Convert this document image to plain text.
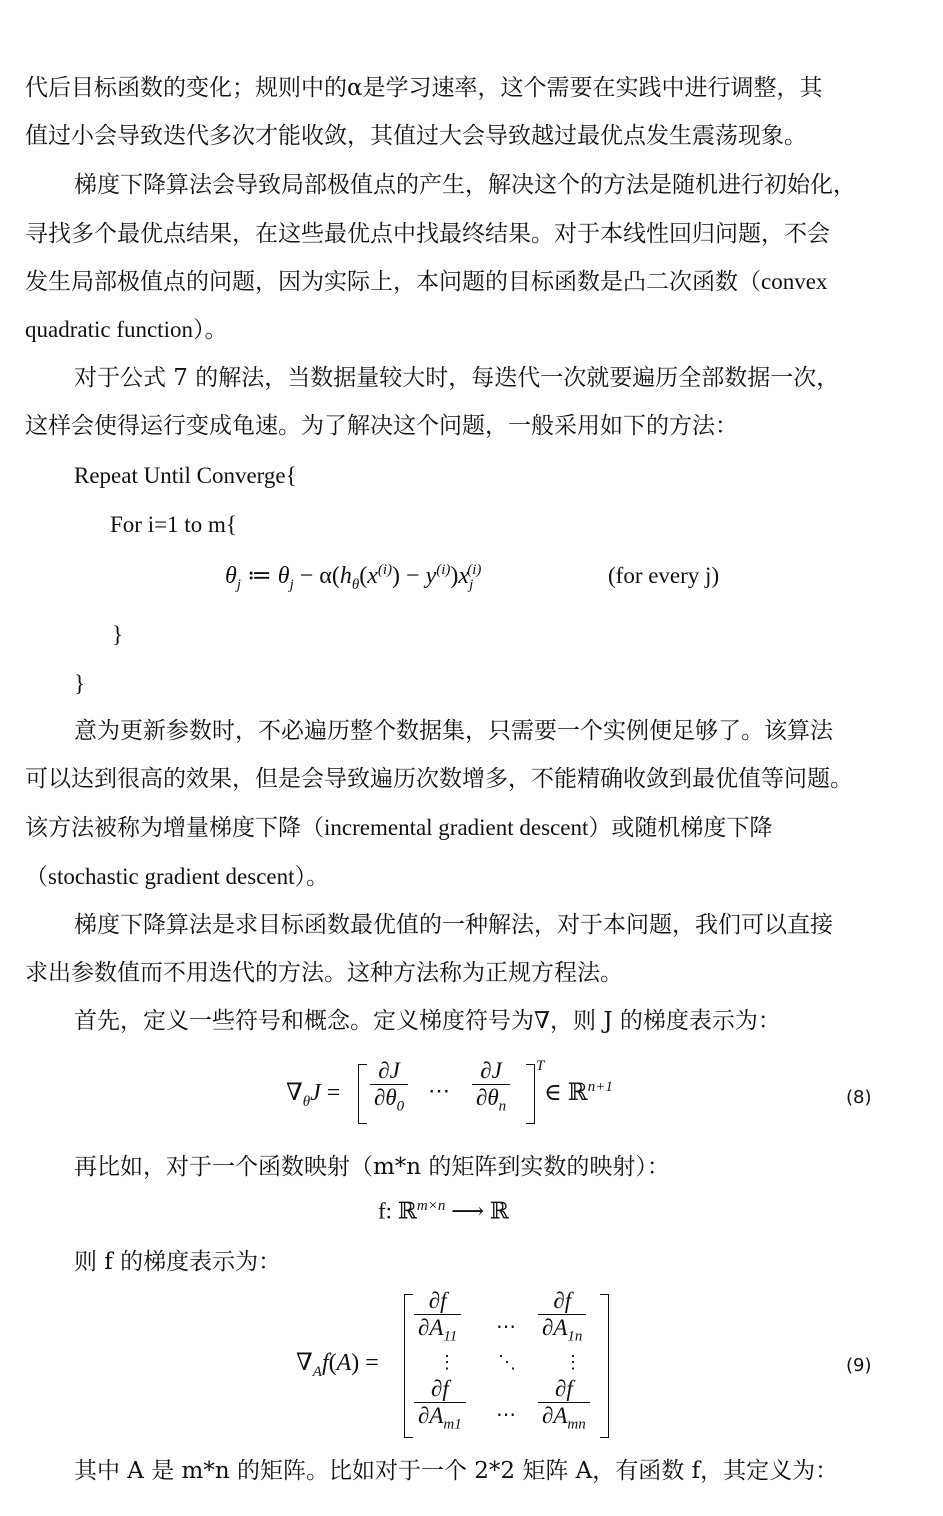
代后目标函数的变化；规则中的α是学习速率，这个需要在实践中进行调整，其
值过小会导致迭代多次才能收敛，其值过大会导致越过最优点发生震荡现象。
梯度下降算法会导致局部极值点的产生，解决这个的方法是随机进行初始化，
寻找多个最优点结果，在这些最优点中找最终结果。对于本线性回归问题，不会
发生局部极值点的问题，因为实际上，本问题的目标函数是凸二次函数（convex
quadratic function）。
对于公式 7 的解法，当数据量较大时，每迭代一次就要遍历全部数据一次，
这样会使得运行变成龟速。为了解决这个问题，一般采用如下的方法：
Repeat Until Converge{
For i=1 to m{
$\theta_j$ ≔ $\theta_j - \alpha(h_\theta(x^{(i)}) - y^{(i)})x_j^{(i)}$	(for every j)
}
}
意为更新参数时，不必遍历整个数据集，只需要一个实例便足够了。该算法
可以达到很高的效果，但是会导致遍历次数增多，不能精确收敛到最优值等问题。
该方法被称为增量梯度下降（incremental gradient descent）或随机梯度下降
（stochastic gradient descent）。
梯度下降算法是求目标函数最优值的一种解法，对于本问题，我们可以直接
求出参数值而不用迭代的方法。这种方法称为正规方程法。
首先，定义一些符号和概念。定义梯度符号为∇，则 J 的梯度表示为：
$\nabla_\theta J = \frac{\partial J}{\partial\theta_0}$ ⋯ $\frac{\partial J}{\partial\theta_n}$ T
∈ ℝ$^{n+1}$	(8)
再比如，对于一个函数映射（m*n 的矩阵到实数的映射）：
f: ℝ$^{m\times n}$ ⟶ ℝ
则 f 的梯度表示为：
$\nabla_Af(A)$ =
$\frac{\partial f}{\partial A_{11}}$ ⋯ $\frac{\partial f}{\partial A_{1n}}$
⋮ ⋱	⋮
$\frac{\partial f}{\partial A_{m1}}$ ⋯ $\frac{\partial f}{\partial A_{mn}}$
(9)
其中 A 是 m*n 的矩阵。比如对于一个 2*2 矩阵 A，有函数 f，其定义为：
